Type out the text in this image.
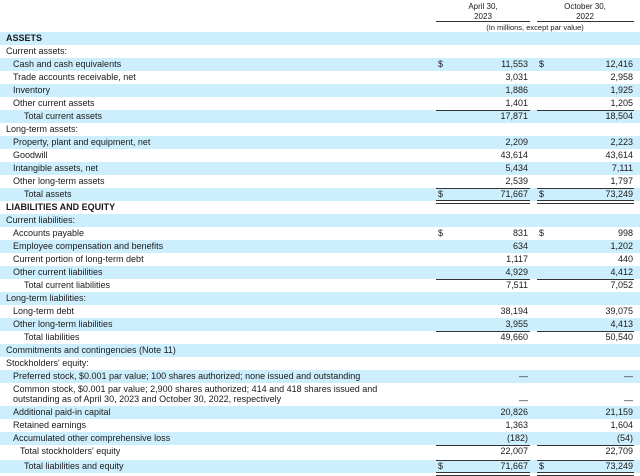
April 30,
2023
October 30,
2022
(In millions, except par value)
ASSETS
Current assets:
Cash and cash equivalents	$	11,553 $	12,416
Trade accounts receivable, net	3,031	2,958
Inventory	1,886	1,925
Other current assets	1,401	1,205
Total current assets	17,871	18,504
Long-term assets:
Property, plant and equipment, net	2,209	2,223
Goodwill	43,614	43,614
Intangible assets, net	5,434	7,111
Other long-term assets	2,539	1,797
Total assets	$	71,667 $	73,249
LIABILITIES AND EQUITY
Current liabilities:
Accounts payable	$	831 $	998
Employee compensation and benefits	634	1,202
Current portion of long-term debt	1,117	440
Other current liabilities	4,929	4,412
Total current liabilities	7,511	7,052
Long-term liabilities:
Long-term debt	38,194	39,075
Other long-term liabilities	3,955	4,413
Total liabilities	49,660	50,540
Commitments and contingencies (Note 11)
Stockholders' equity:
Preferred stock, $0.001 par value; 100 shares authorized; none issued and outstanding	—	—
Common stock, $0.001 par value; 2,900 shares authorized; 414 and 418 shares issued and outstanding as of April 30, 2023 and October 30, 2022, respectively	—	—
Additional paid-in capital	20,826	21,159
Retained earnings	1,363	1,604
Accumulated other comprehensive loss	(182)	(54)
Total stockholders' equity	22,007	22,709
Total liabilities and equity	$	71,667 $	73,249
